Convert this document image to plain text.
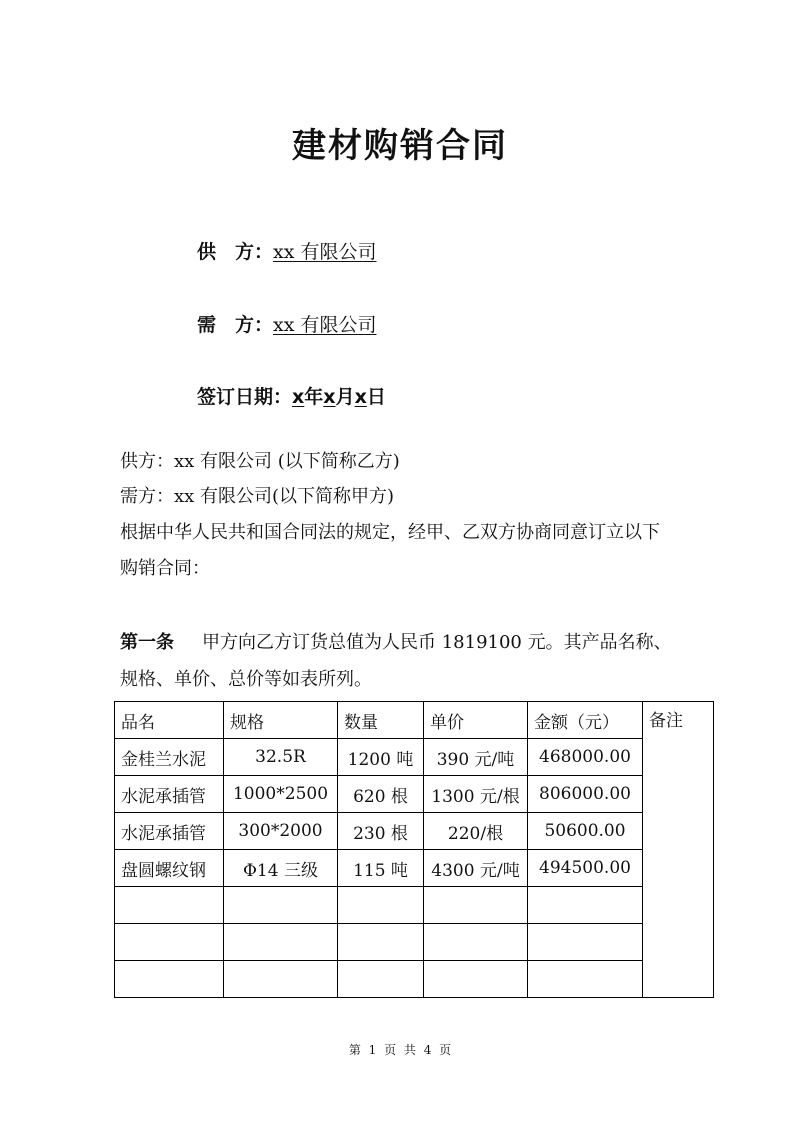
建材购销合同
供　方：xx 有限公司
需　方：xx 有限公司
签订日期：x年x月x日
供方：xx 有限公司 (以下简称乙方)
需方：xx 有限公司(以下简称甲方)
根据中华人民共和国合同法的规定，经甲、乙双方协商同意订立以下
购销合同：
第一条 甲方向乙方订货总值为人民币 1819100 元。其产品名称、
规格、单价、总价等如表所列。
品名	规格	数量	单价	金额（元）	备注
金桂兰水泥	32.5R	1200 吨	390 元/吨	468000.00	
水泥承插管	1000*2500	620 根	1300 元/根	806000.00	
水泥承插管	300*2000	230 根	220/根	50600.00	
盘圆螺纹钢	Φ14 三级	115 吨	4300 元/吨	494500.00	

第 1 页 共 4 页
